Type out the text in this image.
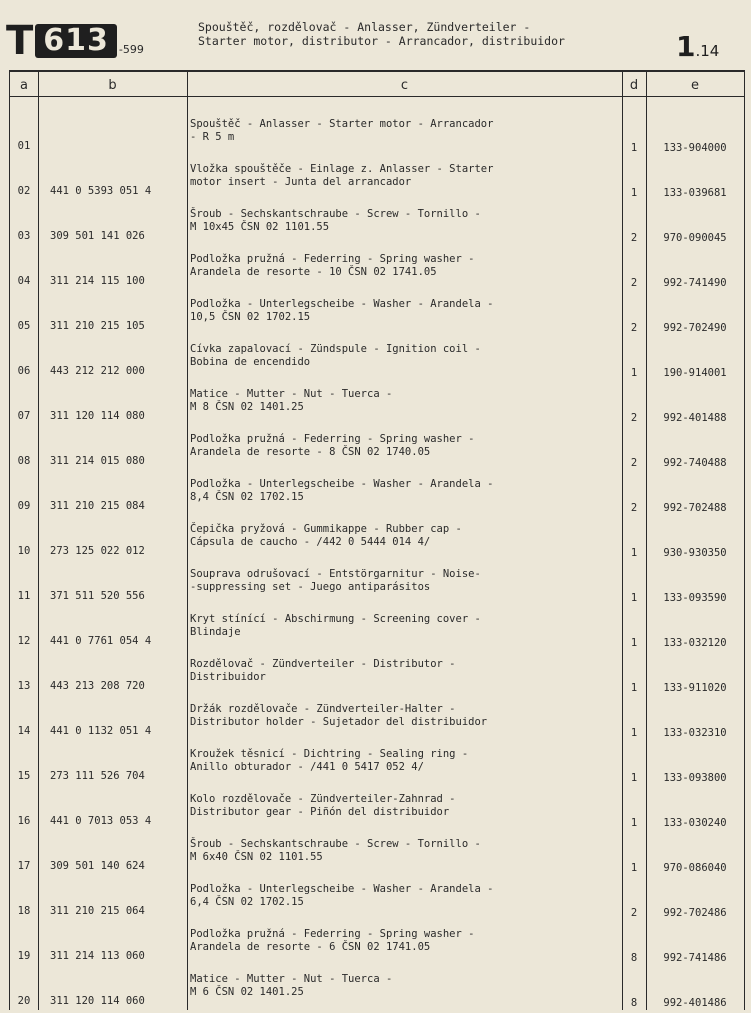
T 613 -599
Spouštěč, rozdělovač - Anlasser, Zündverteiler -
Starter motor, distributor - Arrancador, distribuidor	1.14
a	b	c	d	e
01
Spouštěč - Anlasser - Starter motor - Arrancador
- R 5 m
1	133-904000
02	441 0 5393 051 4
Vložka spouštěče - Einlage z. Anlasser - Starter
motor insert - Junta del arrancador
1	133-039681
03	309 501 141 026
Šroub - Sechskantschraube - Screw - Tornillo -
M 10x45 ČSN 02 1101.55
2	970-090045
04	311 214 115 100
Podložka pružná - Federring - Spring washer -
Arandela de resorte - 10 ČSN 02 1741.05
2	992-741490
05	311 210 215 105
Podložka - Unterlegscheibe - Washer - Arandela -
10,5 ČSN 02 1702.15
2	992-702490
06	443 212 212 000
Cívka zapalovací - Zündspule - Ignition coil -
Bobina de encendido
1	190-914001
07	311 120 114 080
Matice - Mutter - Nut - Tuerca -
M 8 ČSN 02 1401.25
2	992-401488
08	311 214 015 080
Podložka pružná - Federring - Spring washer -
Arandela de resorte - 8 ČSN 02 1740.05
2	992-740488
09	311 210 215 084
Podložka - Unterlegscheibe - Washer - Arandela -
8,4 ČSN 02 1702.15
2	992-702488
10	273 125 022 012
Čepička pryžová - Gummikappe - Rubber cap -
Cápsula de caucho - /442 0 5444 014 4/
1	930-930350
11	371 511 520 556
Souprava odrušovací - Entstörgarnitur - Noise-
-suppressing set - Juego antiparásitos
1	133-093590
12	441 0 7761 054 4
Kryt stínící - Abschirmung - Screening cover -
Blindaje
1	133-032120
13	443 213 208 720
Rozdělovač - Zündverteiler - Distributor -
Distribuidor
1	133-911020
14	441 0 1132 051 4
Držák rozdělovače - Zündverteiler-Halter -
Distributor holder - Sujetador del distribuidor
1	133-032310
15	273 111 526 704
Kroužek těsnicí - Dichtring - Sealing ring -
Anillo obturador - /441 0 5417 052 4/
1	133-093800
16	441 0 7013 053 4
Kolo rozdělovače - Zündverteiler-Zahnrad -
Distributor gear - Piñón del distribuidor
1	133-030240
17	309 501 140 624
Šroub - Sechskantschraube - Screw - Tornillo -
M 6x40 ČSN 02 1101.55
1	970-086040
18	311 210 215 064
Podložka - Unterlegscheibe - Washer - Arandela -
6,4 ČSN 02 1702.15
2	992-702486
19	311 214 113 060
Podložka pružná - Federring - Spring washer -
Arandela de resorte - 6 ČSN 02 1741.05
8	992-741486
20	311 120 114 060
Matice - Mutter - Nut - Tuerca -
M 6 ČSN 02 1401.25
8	992-401486
